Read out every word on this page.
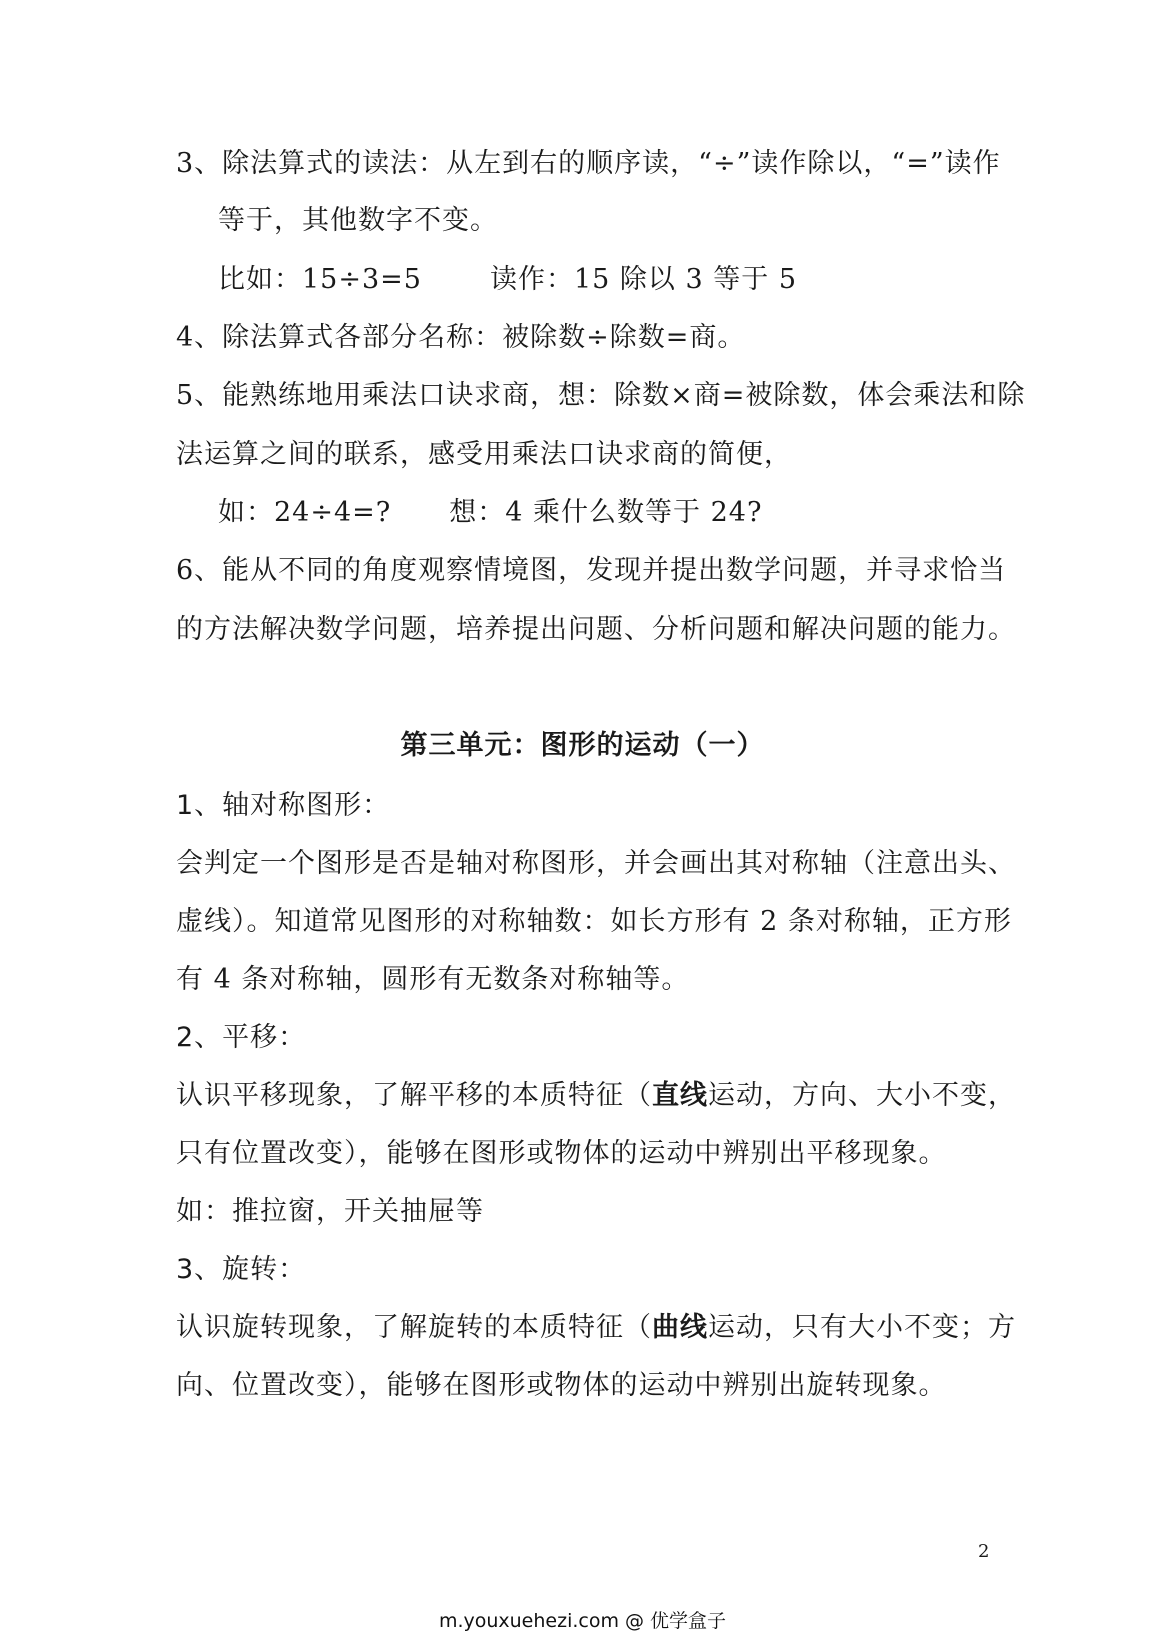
3、除法算式的读法：从左到右的顺序读，“÷”读作除以，“=”读作
等于，其他数字不变。
比如：15÷3=5	读作：15 除以 3 等于 5
4、除法算式各部分名称：被除数÷除数=商。
5、能熟练地用乘法口诀求商，想：除数×商=被除数，体会乘法和除
法运算之间的联系，感受用乘法口诀求商的简便，
如：24÷4=? 想：4 乘什么数等于 24?
6、能从不同的角度观察情境图，发现并提出数学问题，并寻求恰当
的方法解决数学问题，培养提出问题、分析问题和解决问题的能力。
第三单元：图形的运动（一）
1、轴对称图形：
会判定一个图形是否是轴对称图形，并会画出其对称轴（注意出头、
虚线）。知道常见图形的对称轴数：如长方形有 2 条对称轴，正方形
有 4 条对称轴，圆形有无数条对称轴等。
2、平移：
认识平移现象，了解平移的本质特征（直线运动，方向、大小不变，
只有位置改变），能够在图形或物体的运动中辨别出平移现象。
如：推拉窗，开关抽屉等
3、旋转：
认识旋转现象，了解旋转的本质特征（曲线运动，只有大小不变；方
向、位置改变），能够在图形或物体的运动中辨别出旋转现象。
2
m.youxuehezi.com @ 优学盒子
